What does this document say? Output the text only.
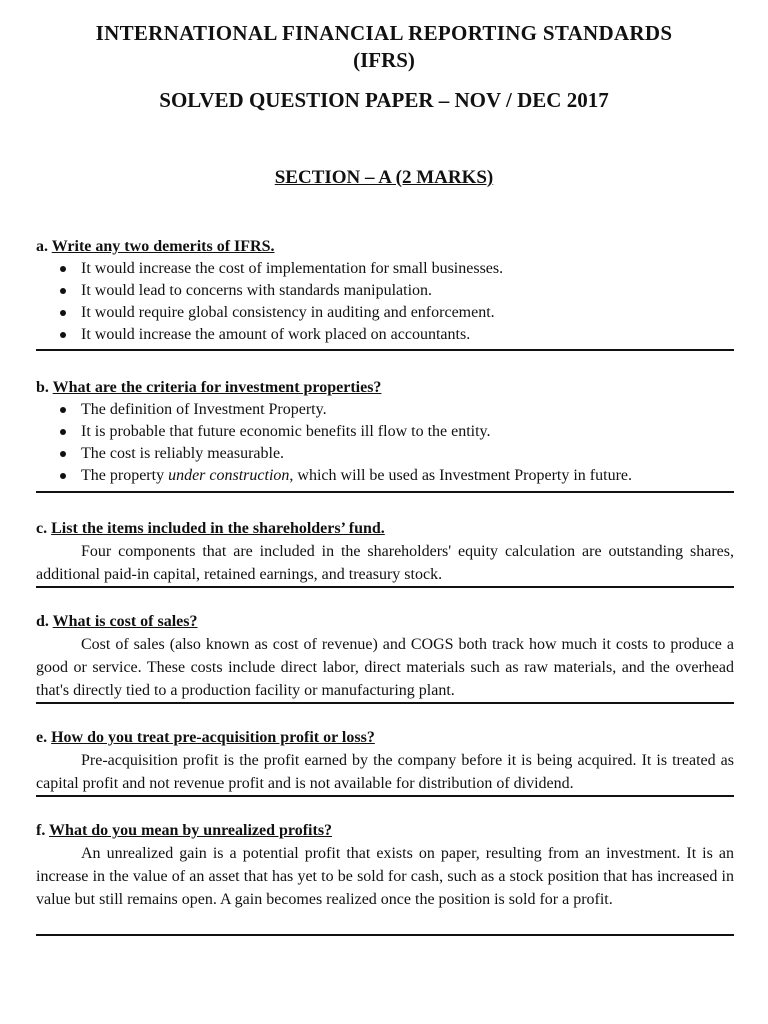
INTERNATIONAL FINANCIAL REPORTING STANDARDS
(IFRS)
SOLVED QUESTION PAPER – NOV / DEC 2017
SECTION – A (2 MARKS)
a. Write any two demerits of IFRS.
It would increase the cost of implementation for small businesses.
It would lead to concerns with standards manipulation.
It would require global consistency in auditing and enforcement.
It would increase the amount of work placed on accountants.
b. What are the criteria for investment properties?
The definition of Investment Property.
It is probable that future economic benefits ill flow to the entity.
The cost is reliably measurable.
The property under construction, which will be used as Investment Property in future.
c. List the items included in the shareholders’ fund.
Four components that are included in the shareholders' equity calculation are outstanding shares, additional paid-in capital, retained earnings, and treasury stock.
d. What is cost of sales?
Cost of sales (also known as cost of revenue) and COGS both track how much it costs to produce a good or service. These costs include direct labor, direct materials such as raw materials, and the overhead that's directly tied to a production facility or manufacturing plant.
e. How do you treat pre-acquisition profit or loss?
Pre-acquisition profit is the profit earned by the company before it is being acquired. It is treated as capital profit and not revenue profit and is not available for distribution of dividend.
f. What do you mean by unrealized profits?
An unrealized gain is a potential profit that exists on paper, resulting from an investment. It is an increase in the value of an asset that has yet to be sold for cash, such as a stock position that has increased in value but still remains open. A gain becomes realized once the position is sold for a profit.
